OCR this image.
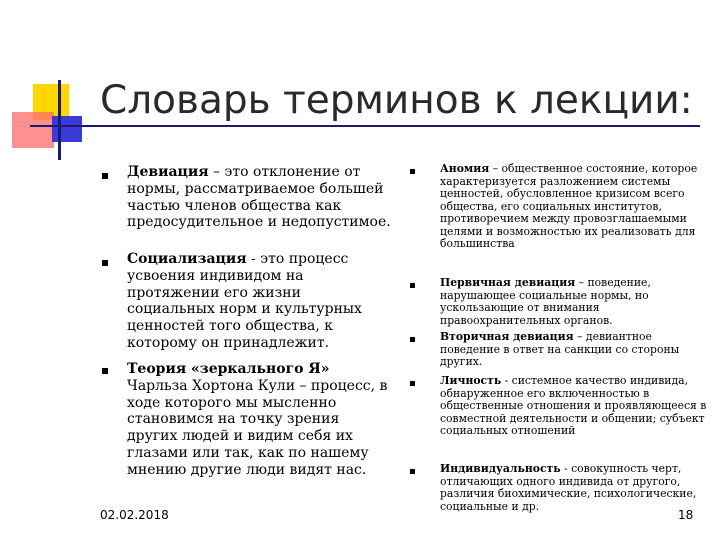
Словарь терминов к лекции:
Девиация – это отклонение от нормы, рассматриваемое большей частью членов общества как предосудительное и недопустимое.
Социализация - это процесс усвоения индивидом на протяжении его жизни социальных норм и культурных ценностей того общества, к которому он принадлежит.
Теория «зеркального Я» Чарльза Хортона Кули – процесс, в ходе которого мы мысленно становимся на точку зрения других людей и видим себя их глазами или так, как по нашему мнению другие люди видят нас.
Аномия – общественное состояние, которое характеризуется разложением системы ценностей, обусловленное кризисом всего общества, его социальных институтов, противоречием между провозглашаемыми целями и возможностью их реализовать для большинства
Первичная девиация – поведение, нарушающее социальные нормы, но ускользающие от внимания правоохранительных органов.
Вторичная девиация – девиантное поведение в ответ на санкции со стороны других.
Личность - системное качество индивида, обнаруженное его включенностью в общественные отношения и проявляющееся в совместной деятельности и общении; субъект социальных отношений
Индивидуальность - совокупность черт, отличающих одного индивида от другого, различия биохимические, психологические, социальные и др.
02.02.2018	18
